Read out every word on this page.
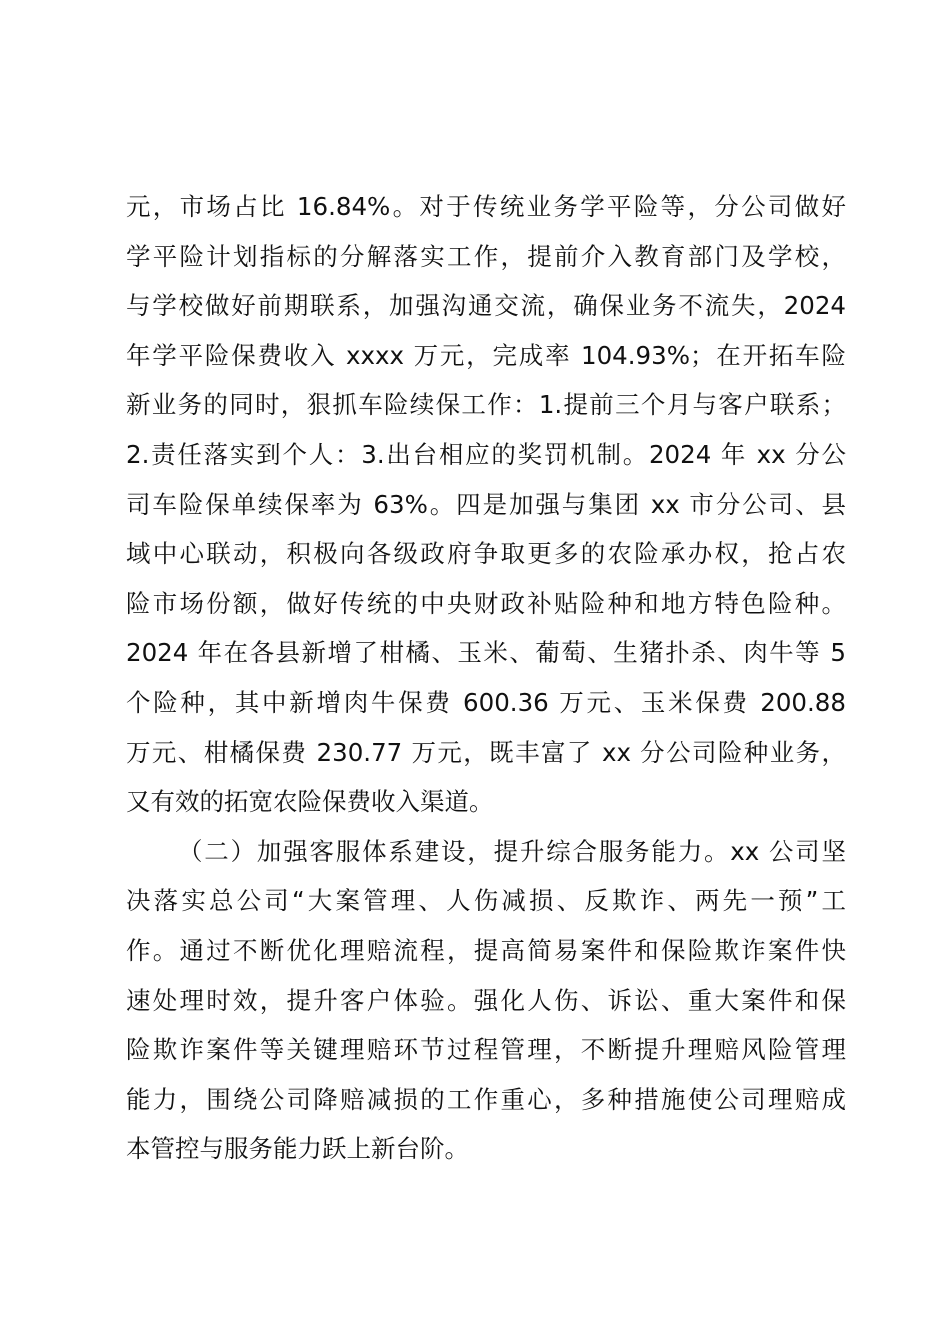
元，市场占比 16.84%。对于传统业务学平险等，分公司做好
学平险计划指标的分解落实工作，提前介入教育部门及学校，
与学校做好前期联系，加强沟通交流，确保业务不流失，2024
年学平险保费收入 xxxx 万元，完成率 104.93%；在开拓车险
新业务的同时，狠抓车险续保工作：1.提前三个月与客户联系；
2.责任落实到个人：3.出台相应的奖罚机制。2024 年 xx 分公
司车险保单续保率为 63%。四是加强与集团 xx 市分公司、县
域中心联动，积极向各级政府争取更多的农险承办权，抢占农
险市场份额，做好传统的中央财政补贴险种和地方特色险种。
2024 年在各县新增了柑橘、玉米、葡萄、生猪扑杀、肉牛等 5
个险种，其中新增肉牛保费 600.36 万元、玉米保费 200.88
万元、柑橘保费 230.77 万元，既丰富了 xx 分公司险种业务，
又有效的拓宽农险保费收入渠道。
（二）加强客服体系建设，提升综合服务能力。xx 公司坚
决落实总公司“大案管理、人伤减损、反欺诈、两先一预”工
作。通过不断优化理赔流程，提高简易案件和保险欺诈案件快
速处理时效，提升客户体验。强化人伤、诉讼、重大案件和保
险欺诈案件等关键理赔环节过程管理，不断提升理赔风险管理
能力，围绕公司降赔减损的工作重心，多种措施使公司理赔成
本管控与服务能力跃上新台阶。
